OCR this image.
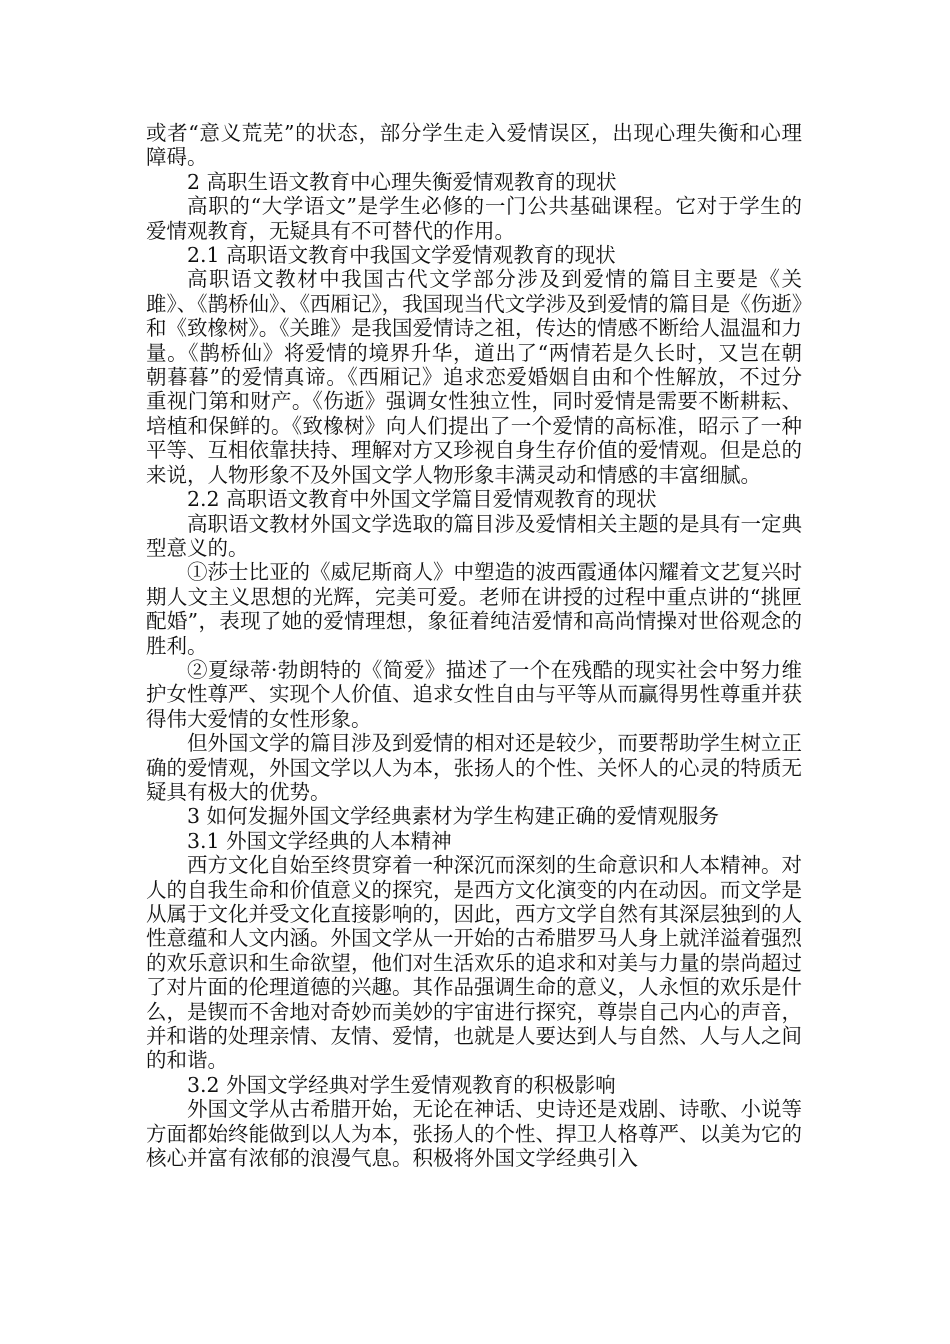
或者“意义荒芜”的状态，部分学生走入爱情误区，出现心理失衡和心理障碍。

2 高职生语文教育中心理失衡爱情观教育的现状

高职的“大学语文”是学生必修的一门公共基础课程。它对于学生的爱情观教育，无疑具有不可替代的作用。

2.1 高职语文教育中我国文学爱情观教育的现状

高职语文教材中我国古代文学部分涉及到爱情的篇目主要是《关雎》、《鹊桥仙》、《西厢记》，我国现当代文学涉及到爱情的篇目是《伤逝》和《致橡树》。《关雎》是我国爱情诗之祖，传达的情感不断给人温温和力量。《鹊桥仙》将爱情的境界升华，道出了“两情若是久长时，又岂在朝朝暮暮”的爱情真谛。《西厢记》追求恋爱婚姻自由和个性解放，不过分重视门第和财产。《伤逝》强调女性独立性，同时爱情是需要不断耕耘、培植和保鲜的。《致橡树》向人们提出了一个爱情的高标准，昭示了一种平等、互相依靠扶持、理解对方又珍视自身生存价值的爱情观。但是总的来说，人物形象不及外国文学人物形象丰满灵动和情感的丰富细腻。

2.2 高职语文教育中外国文学篇目爱情观教育的现状

高职语文教材外国文学选取的篇目涉及爱情相关主题的是具有一定典型意义的。

①莎士比亚的《威尼斯商人》中塑造的波西霞通体闪耀着文艺复兴时期人文主义思想的光辉，完美可爱。老师在讲授的过程中重点讲的“挑匣配婚”，表现了她的爱情理想，象征着纯洁爱情和高尚情操对世俗观念的胜利。

②夏绿蒂·勃朗特的《简爱》描述了一个在残酷的现实社会中努力维护女性尊严、实现个人价值、追求女性自由与平等从而赢得男性尊重并获得伟大爱情的女性形象。

但外国文学的篇目涉及到爱情的相对还是较少，而要帮助学生树立正确的爱情观，外国文学以人为本，张扬人的个性、关怀人的心灵的特质无疑具有极大的优势。

3 如何发掘外国文学经典素材为学生构建正确的爱情观服务

3.1 外国文学经典的人本精神

西方文化自始至终贯穿着一种深沉而深刻的生命意识和人本精神。对人的自我生命和价值意义的探究，是西方文化演变的内在动因。而文学是从属于文化并受文化直接影响的，因此，西方文学自然有其深层独到的人性意蕴和人文内涵。外国文学从一开始的古希腊罗马人身上就洋溢着强烈的欢乐意识和生命欲望，他们对生活欢乐的追求和对美与力量的崇尚超过了对片面的伦理道德的兴趣。其作品强调生命的意义，人永恒的欢乐是什么，是锲而不舍地对奇妙而美妙的宇宙进行探究，尊崇自己内心的声音，并和谐的处理亲情、友情、爱情，也就是人要达到人与自然、人与人之间的和谐。

3.2 外国文学经典对学生爱情观教育的积极影响

外国文学从古希腊开始，无论在神话、史诗还是戏剧、诗歌、小说等方面都始终能做到以人为本，张扬人的个性、捍卫人格尊严、以美为它的核心并富有浓郁的浪漫气息。积极将外国文学经典引入
